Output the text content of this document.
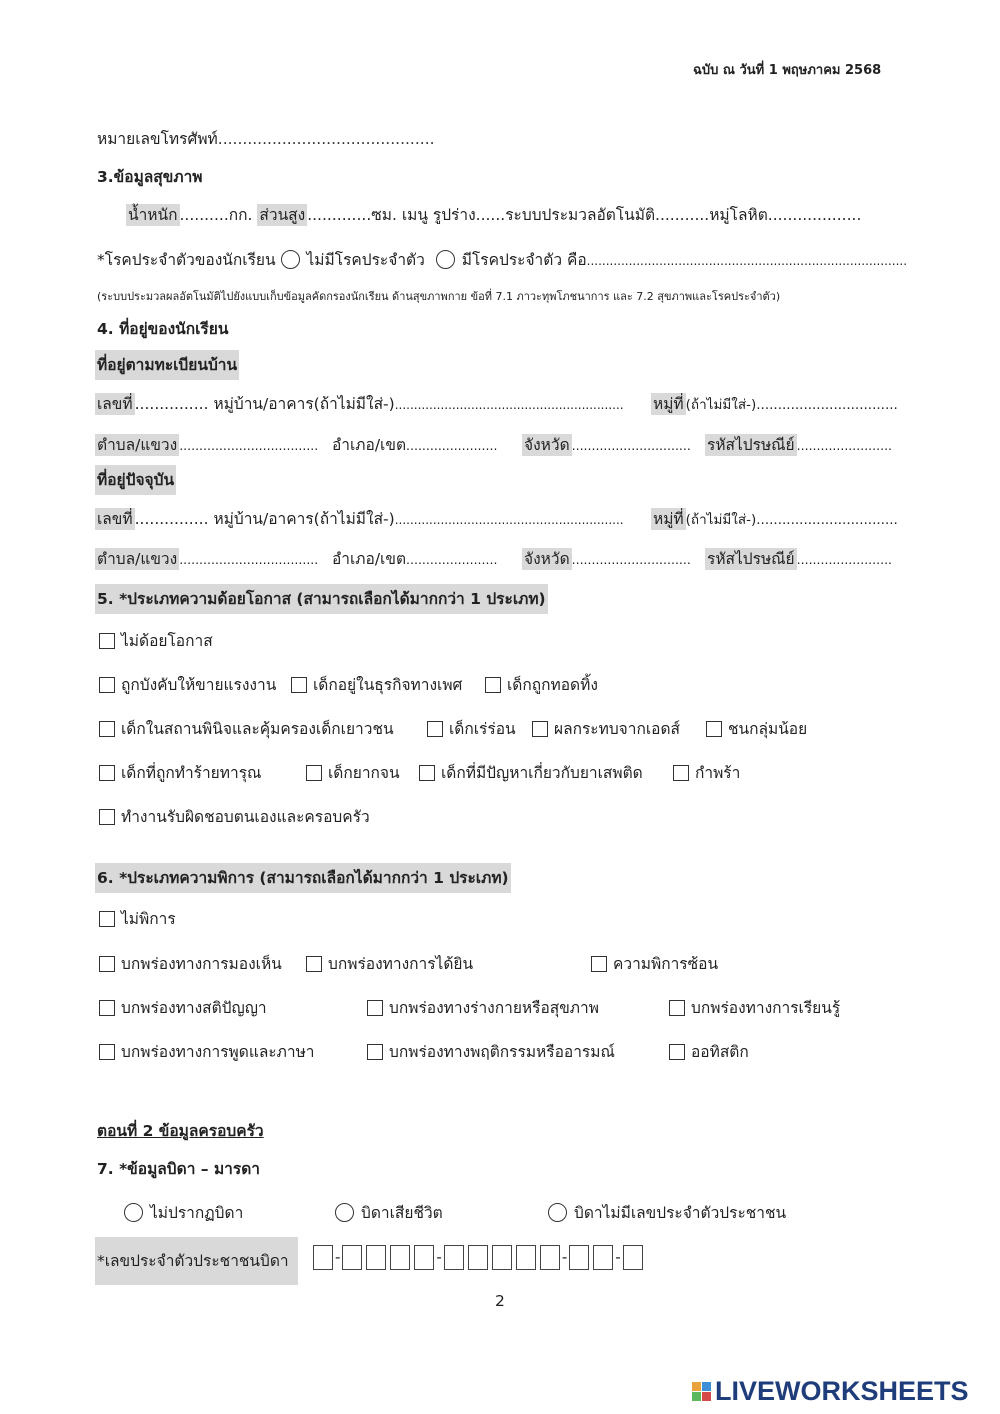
ฉบับ ณ วันที่ 1 พฤษภาคม 2568
หมายเลขโทรศัพท์............................................
3.ข้อมูลสุขภาพ
น้ำหนัก ..........กก. ส่วนสูง .............ซม. เมนู รูปร่าง......ระบบประมวลอัตโนมัติ...........หมู่โลหิต...................
*โรคประจำตัวของนักเรียน ไม่มีโรคประจำตัว มีโรคประจำตัว คือ....................................................................................
(ระบบประมวลผลอัตโนมัติไปยังแบบเก็บข้อมูลคัดกรองนักเรียน ด้านสุขภาพกาย ข้อที่ 7.1 ภาวะทุพโภชนาการ และ 7.2 สุขภาพและโรคประจำตัว)
4. ที่อยู่ของนักเรียน
ที่อยู่ตามทะเบียนบ้าน
เลขที่ ............... หมู่บ้าน/อาคาร(ถ้าไม่มีใส่-)............................................................ หมู่ที่ (ถ้าไม่มีใส่-).................................
ตำบล/แขวง ................................... อำเภอ/เขต....................... จังหวัด .............................. รหัสไปรษณีย์ ........................
ที่อยู่ปัจจุบัน
เลขที่ ............... หมู่บ้าน/อาคาร(ถ้าไม่มีใส่-)............................................................ หมู่ที่ (ถ้าไม่มีใส่-).................................
ตำบล/แขวง ................................... อำเภอ/เขต....................... จังหวัด .............................. รหัสไปรษณีย์ ........................
5. *ประเภทความด้อยโอกาส (สามารถเลือกได้มากกว่า 1 ประเภท)
ไม่ด้อยโอกาส
ถูกบังคับให้ขายแรงงาน	เด็กอยู่ในธุรกิจทางเพศ	เด็กถูกทอดทิ้ง
เด็กในสถานพินิจและคุ้มครองเด็กเยาวชน	เด็กเร่ร่อน	ผลกระทบจากเอดส์	ชนกลุ่มน้อย
เด็กที่ถูกทำร้ายทารุณ	เด็กยากจน	เด็กที่มีปัญหาเกี่ยวกับยาเสพติด	กำพร้า
ทำงานรับผิดชอบตนเองและครอบครัว
6. *ประเภทความพิการ (สามารถเลือกได้มากกว่า 1 ประเภท)
ไม่พิการ
บกพร่องทางการมองเห็น	บกพร่องทางการได้ยิน	ความพิการซ้อน
บกพร่องทางสติปัญญา	บกพร่องทางร่างกายหรือสุขภาพ	บกพร่องทางการเรียนรู้
บกพร่องทางการพูดและภาษา	บกพร่องทางพฤติกรรมหรืออารมณ์	ออทิสติก
ตอนที่ 2 ข้อมูลครอบครัว
7. *ข้อมูลบิดา – มารดา
ไม่ปรากฏบิดา	บิดาเสียชีวิต	บิดาไม่มีเลขประจำตัวประชาชน
*เลขประจำตัวประชาชนบิดา	-	-	-	-
2
LIVEWORKSHEETS
